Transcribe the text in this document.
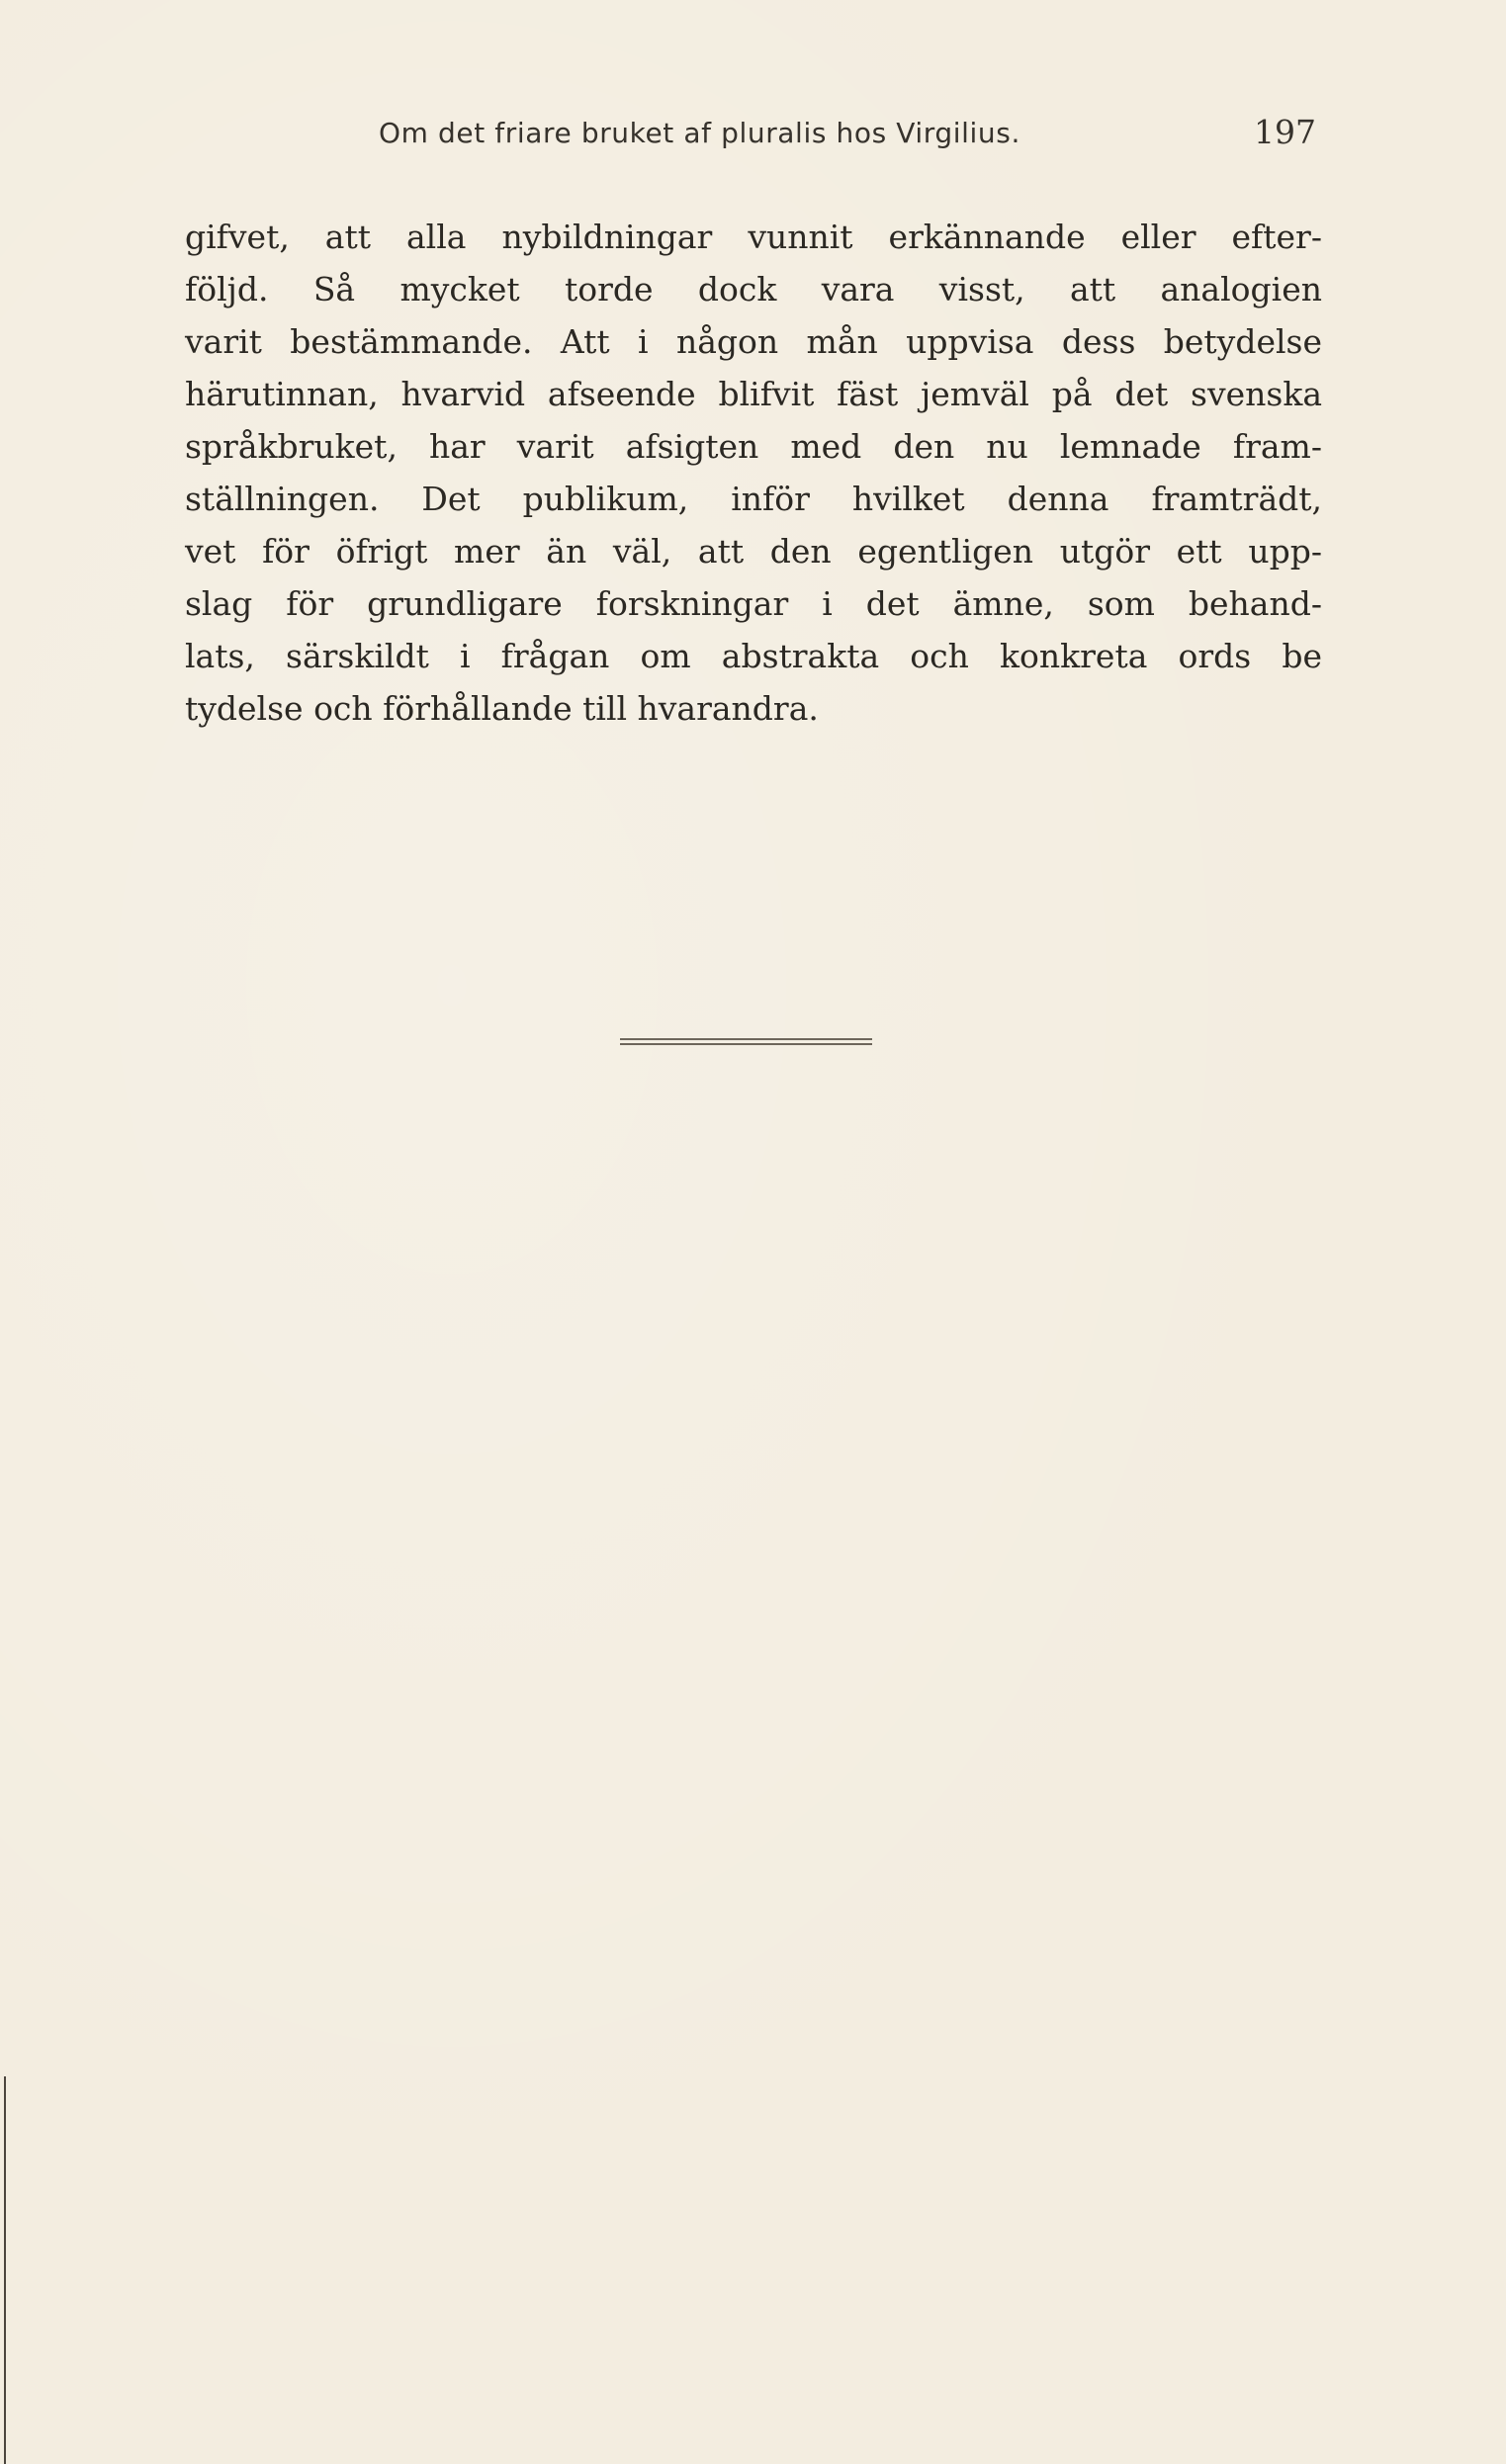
Om det friare bruket af pluralis hos Virgilius.	197
gifvet, att alla nybildningar vunnit erkännande eller efter-
följd. Så mycket torde dock vara visst, att analogien
varit bestämmande. Att i någon mån uppvisa dess betydelse
härutinnan, hvarvid afseende blifvit fäst jemväl på det svenska
språkbruket, har varit afsigten med den nu lemnade fram-
ställningen. Det publikum, inför hvilket denna framträdt,
vet för öfrigt mer än väl, att den egentligen utgör ett upp-
slag för grundligare forskningar i det ämne, som behand-
lats, särskildt i frågan om abstrakta och konkreta ords be
tydelse och förhållande till hvarandra.
